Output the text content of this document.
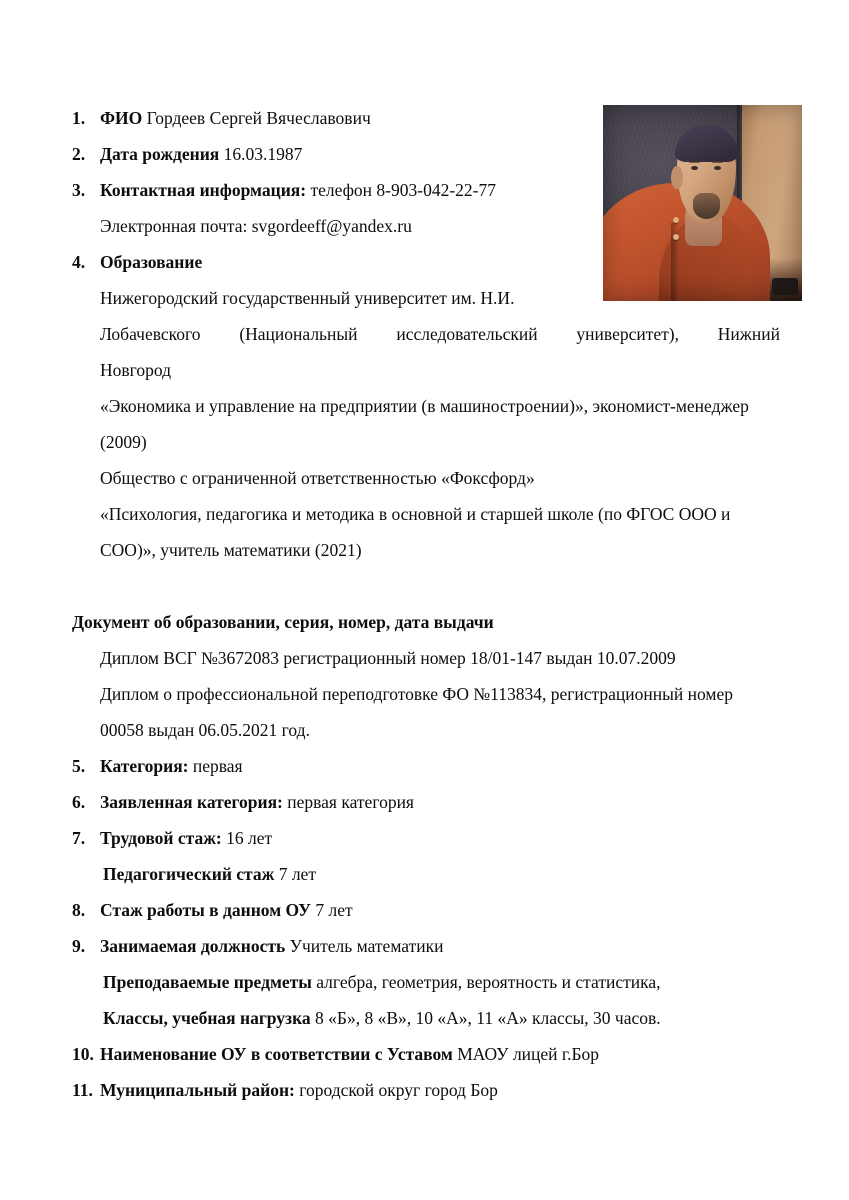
1. ФИО Гордеев Сергей Вячеславович
2. Дата рождения 16.03.1987
3. Контактная информация: телефон 8-903-042-22-77
Электронная почта: svgordeeff@yandex.ru
4. Образование
Нижегородский государственный университет им. Н.И.
Лобачевского (Национальный исследовательский университет), Нижний
Новгород
«Экономика и управление на предприятии (в машиностроении)», экономист-менеджер (2009)
Общество с ограниченной ответственностью «Фоксфорд»
«Психология, педагогика и методика в основной и старшей школе (по ФГОС ООО и СОО)», учитель математики (2021)
Документ об образовании, серия, номер, дата выдачи
Диплом ВСГ №3672083 регистрационный номер 18/01-147 выдан 10.07.2009
Диплом о профессиональной переподготовке ФО №113834, регистрационный номер 00058 выдан 06.05.2021 год.
5. Категория: первая
6. Заявленная категория: первая категория
7. Трудовой стаж: 16 лет
Педагогический стаж 7 лет
8. Стаж работы в данном ОУ 7 лет
9. Занимаемая должность Учитель математики
Преподаваемые предметы алгебра, геометрия, вероятность и статистика,
Классы, учебная нагрузка 8 «Б», 8 «В», 10 «А», 11 «А» классы, 30 часов.
10. Наименование ОУ в соответствии с Уставом МАОУ лицей г.Бор
11. Муниципальный район: городской округ город Бор
